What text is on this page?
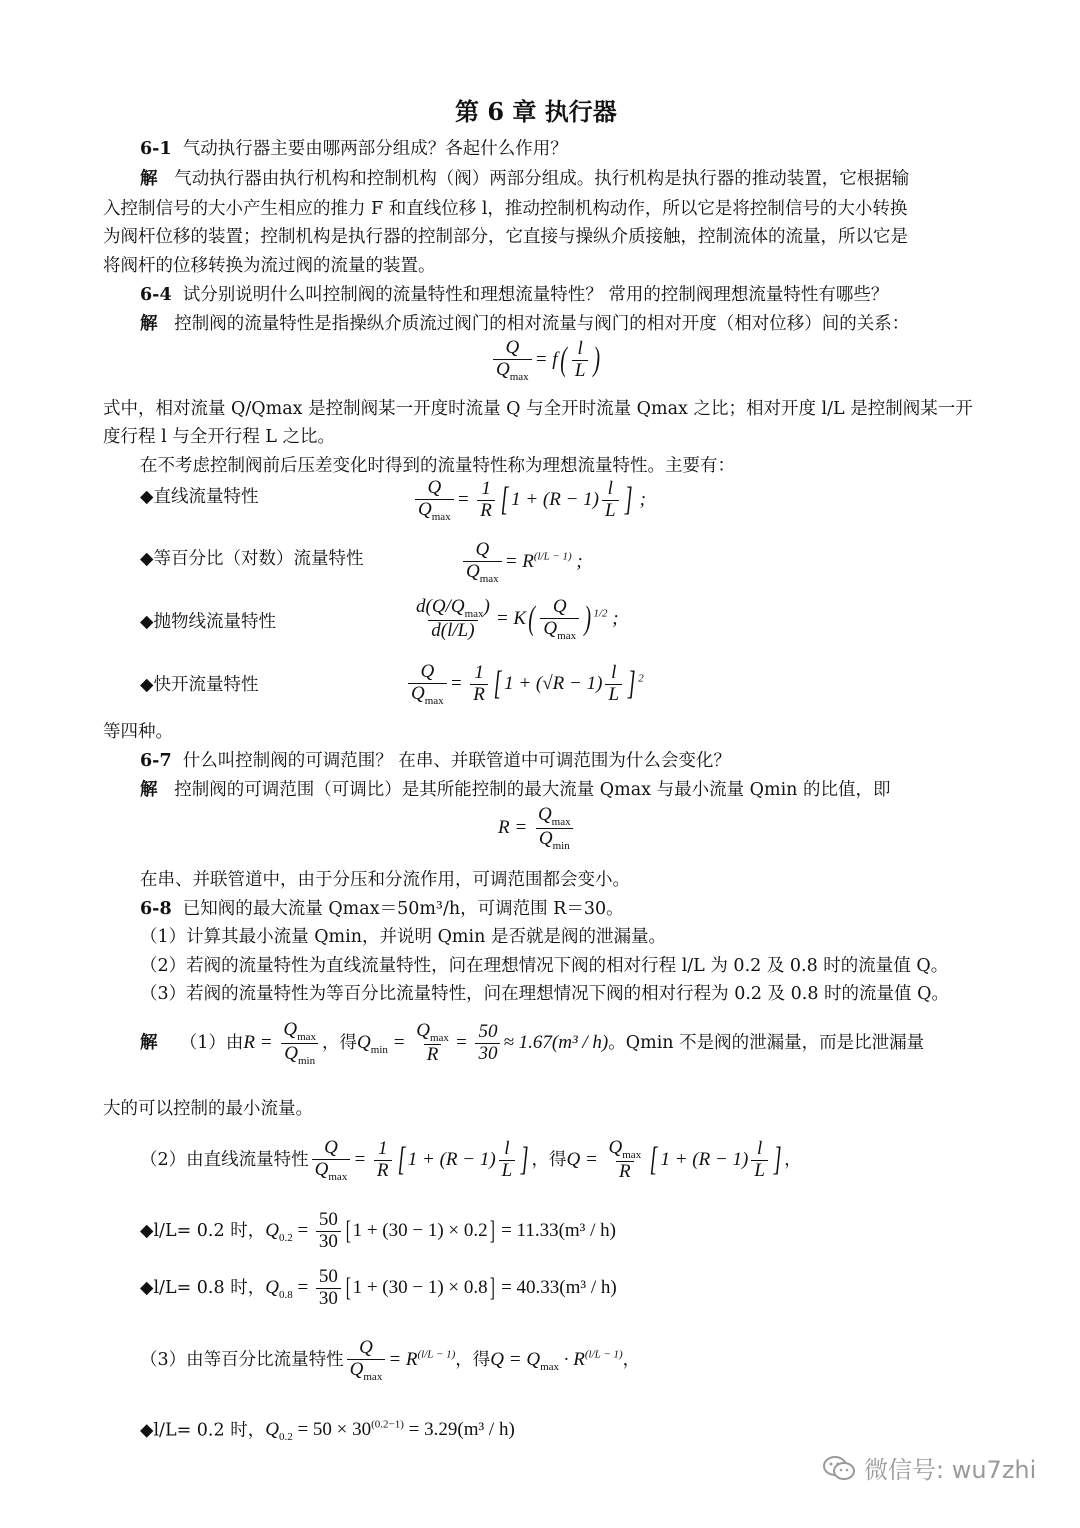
第 6 章 执行器
6-1 气动执行器主要由哪两部分组成？各起什么作用？
解 气动执行器由执行机构和控制机构（阀）两部分组成。执行机构是执行器的推动装置，它根据输
入控制信号的大小产生相应的推力 F 和直线位移 l，推动控制机构动作，所以它是将控制信号的大小转换
为阀杆位移的装置；控制机构是执行器的控制部分，它直接与操纵介质接触，控制流体的流量，所以它是
将阀杆的位移转换为流过阀的流量的装置。
6-4 试分别说明什么叫控制阀的流量特性和理想流量特性？ 常用的控制阀理想流量特性有哪些？
解 控制阀的流量特性是指操纵介质流过阀门的相对流量与阀门的相对开度（相对位移）间的关系：
$\frac{Q}{Q_{max}} = f( \frac{l}{L}$ )
式中，相对流量 Q/Qmax 是控制阀某一开度时流量 Q 与全开时流量 Qmax 之比；相对开度 l/L 是控制阀某一开
度行程 l 与全开行程 L 之比。
在不考虑控制阀前后压差变化时得到的流量特性称为理想流量特性。主要有：
◆直线流量特性	$\frac{Q}{Q_{max}} = \frac{1}{R}$ [ $1 + (R - 1) \frac{l}{L}$ ] ;
◆等百分比（对数）流量特性	$\frac{Q}{Q_{max}} = R^{(l/L - 1)}$ ;
◆抛物线流量特性	$\frac{d(Q/Q_{max})}{d(l/L)} = K( \frac{Q}{Q_{max}}$ ) $^{1/2}$ ;
◆快开流量特性	$\frac{Q}{Q_{max}} = \frac{1}{R}$ [ $1 + (√R - 1) \frac{l}{L}$ ] $^2$
等四种。
6-7 什么叫控制阀的可调范围？ 在串、并联管道中可调范围为什么会变化？
解 控制阀的可调范围（可调比）是其所能控制的最大流量 Qmax 与最小流量 Qmin 的比值，即
$R = \frac{Q_{max}}{Q_{min}}$
在串、并联管道中，由于分压和分流作用，可调范围都会变小。
6-8 已知阀的最大流量 Qmax＝50m³/h，可调范围 R＝30。
（1）计算其最小流量 Qmin，并说明 Qmin 是否就是阀的泄漏量。
（2）若阀的流量特性为直线流量特性，问在理想情况下阀的相对行程 l/L 为 0.2 及 0.8 时的流量值 Q。
（3）若阀的流量特性为等百分比流量特性，问在理想情况下阀的相对行程为 0.2 及 0.8 时的流量值 Q。
解 （1）由$R = \frac{Q_{max}}{Q_{min}}$ ，得$Q_{min} = \frac{Q_{max}}{R} = \frac{50}{30} \approx 1.67(m^3 / h)$。Qmin 不是阀的泄漏量，而是比泄漏量
大的可以控制的最小流量。
（2）由直线流量特性 $\frac{Q}{Q_{max}} = \frac{1}{R}$ [ $1 + (R - 1) \frac{l}{L}$ ] ，得$Q = \frac{Q_{max}}{R}$ [ $1 + (R - 1) \frac{l}{L}$ ] ，
◆l/L= 0.2 时，$Q_{0.2} = \frac{50}{30} [1 + (30 - 1) \times 0.2] = 11.33(m^3 / h)$
◆l/L= 0.8 时，$Q_{0.8} = \frac{50}{30} [1 + (30 - 1) \times 0.8] = 40.33(m^3 / h)$
（3）由等百分比流量特性 $\frac{Q}{Q_{max}} = R^{(l/L - 1)}$，得$Q = Q_{max} \cdot R^{(l/L - 1)}$，
◆l/L= 0.2 时，$Q_{0.2} = 50 \times 30^{(0.2-1)} = 3.29(m^3 / h)$
微信号: wu7zhi
